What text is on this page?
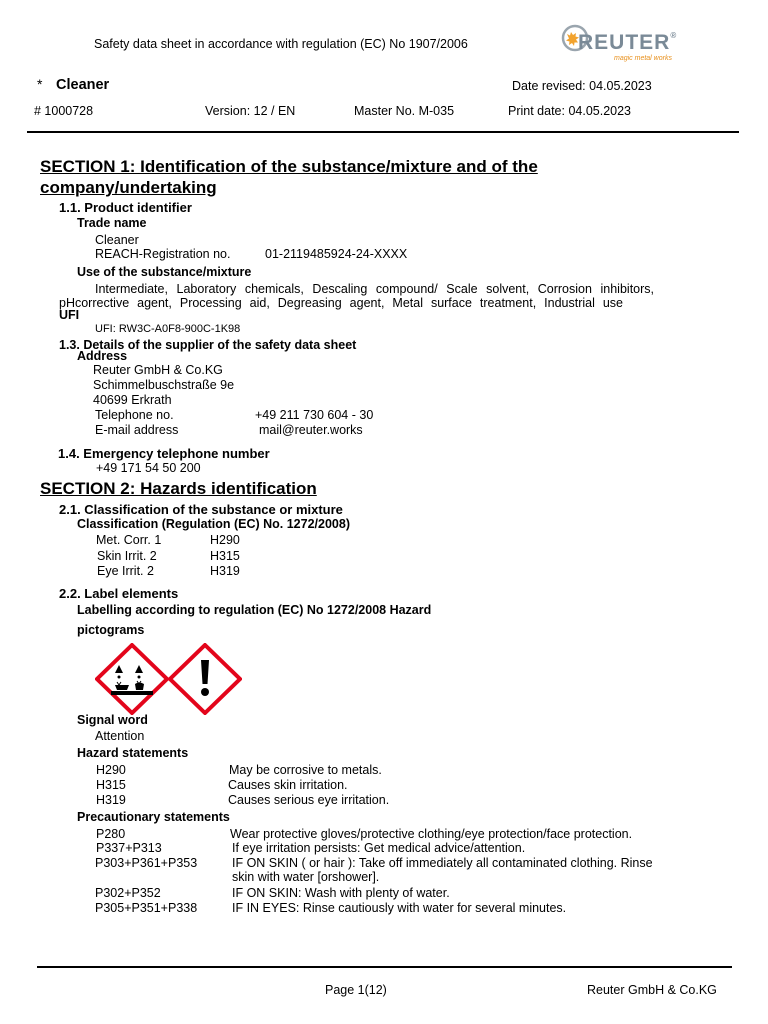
Safety data sheet in accordance with regulation (EC) No 1907/2006	REUTER®
magic metal works
* Cleaner	Date revised: 04.05.2023
# 1000728	Version: 12 / EN	Master No. M-035	Print date: 04.05.2023
SECTION 1: Identification of the substance/mixture and of the
company/undertaking
1.1. Product identifier
Trade name
Cleaner
REACH-Registration no.	01-2119485924-24-XXXX
Use of the substance/mixture
Intermediate, Laboratory chemicals, Descaling compound/ Scale solvent, Corrosion inhibitors,
pHcorrective agent, Processing aid, Degreasing agent, Metal surface treatment, Industrial use
UFI
UFI: RW3C-A0F8-900C-1K98
1.3. Details of the supplier of the safety data sheet
Address
Reuter GmbH & Co.KG
Schimmelbuschstraße 9e
40699 Erkrath
Telephone no.	+49 211 730 604 - 30
E-mail address	mail@reuter.works
1.4. Emergency telephone number
+49 171 54 50 200
SECTION 2: Hazards identification
2.1. Classification of the substance or mixture
Classification (Regulation (EC) No. 1272/2008)
Met. Corr. 1	H290
Skin Irrit. 2	H315
Eye Irrit. 2	H319
2.2. Label elements
Labelling according to regulation (EC) No 1272/2008 Hazard
pictograms
Signal word
Attention
Hazard statements
H290	May be corrosive to metals.
H315	Causes skin irritation.
H319	Causes serious eye irritation.
Precautionary statements
P280	Wear protective gloves/protective clothing/eye protection/face protection.
P337+P313	If eye irritation persists: Get medical advice/attention.
P303+P361+P353	IF ON SKIN ( or hair ): Take off immediately all contaminated clothing. Rinse
skin with water [orshower].
P302+P352	IF ON SKIN: Wash with plenty of water.
P305+P351+P338	IF IN EYES: Rinse cautiously with water for several minutes.
Page 1(12)	Reuter GmbH & Co.KG
